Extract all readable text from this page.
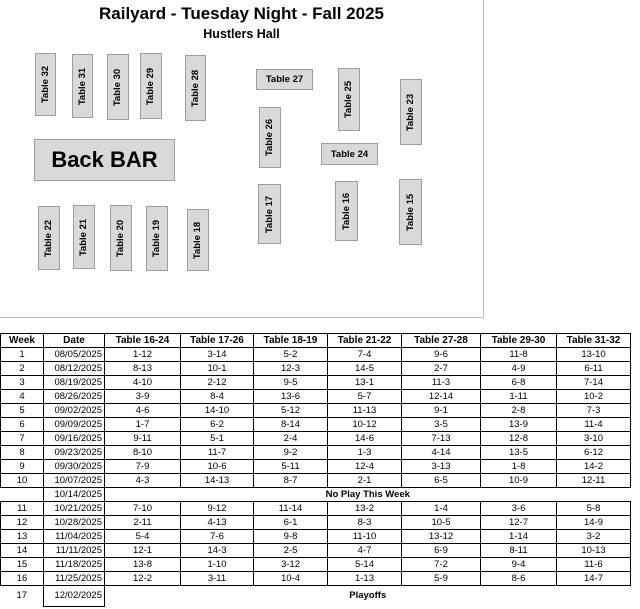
Railyard - Tuesday Night - Fall 2025
Hustlers Hall
Back BAR
Table 32	Table 31	Table 30 Table 29	Table 28	Table 27
Table 25	Table 23
Table 26	Table 24
Table 22	Table 21	Table 20	Table 19	Table 18
Table 17	Table 16	Table 15
Week	Date	Table 16-24	Table 17-26	Table 18-19	Table 21-22	Table 27-28	Table 29-30	Table 31-32
1	08/05/2025	1-12	3-14	5-2	7-4	9-6	11-8	13-10
2	08/12/2025	8-13	10-1	12-3	14-5	2-7	4-9	6-11
3	08/19/2025	4-10	2-12	9-5	13-1	11-3	6-8	7-14
4	08/26/2025	3-9	8-4	13-6	5-7	12-14	1-11	10-2
5	09/02/2025	4-6	14-10	5-12	11-13	9-1	2-8	7-3
6	09/09/2025	1-7	6-2	8-14	10-12	3-5	13-9	11-4
7	09/16/2025	9-11	5-1	2-4	14-6	7-13	12-8	3-10
8	09/23/2025	8-10	11-7	9-2	1-3	4-14	13-5	6-12
9	09/30/2025	7-9	10-6	5-11	12-4	3-13	1-8	14-2
10	10/07/2025	4-3	14-13	8-7	2-1	6-5	10-9	12-11
	10/14/2025	No Play This Week						
11	10/21/2025	7-10	9-12	11-14	13-2	1-4	3-6	5-8
12	10/28/2025	2-11	4-13	6-1	8-3	10-5	12-7	14-9
13	11/04/2025	5-4	7-6	9-8	11-10	13-12	1-14	3-2
14	11/11/2025	12-1	14-3	2-5	4-7	6-9	8-11	10-13
15	11/18/2025	13-8	1-10	3-12	5-14	7-2	9-4	11-6
16	11/25/2025	12-2	3-11	10-4	1-13	5-9	8-6	14-7
17	12/02/2025	Playoffs						
